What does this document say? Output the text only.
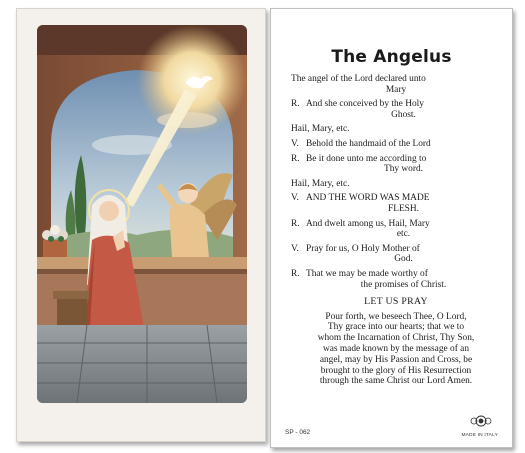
The Angelus
The angel of the Lord declared unto
Mary
R. And she conceived by the Holy
Ghost.
Hail, Mary, etc.
V. Behold the handmaid of the Lord
R. Be it done unto me according to
Thy word.
Hail, Mary, etc.
V. AND THE WORD WAS MADE
FLESH.
R. And dwelt among us, Hail, Mary
etc.
V. Pray for us, O Holy Mother of
God.
R. That we may be made worthy of
the promises of Christ.
LET US PRAY
Pour forth, we beseech Thee, O Lord,
Thy grace into our hearts; that we to
whom the Incarnation of Christ, Thy Son,
was made known by the message of an
angel, may by His Passion and Cross, be
brought to the glory of His Resurrection
through the same Christ our Lord Amen.
SP - 062	MADE IN ITALY
